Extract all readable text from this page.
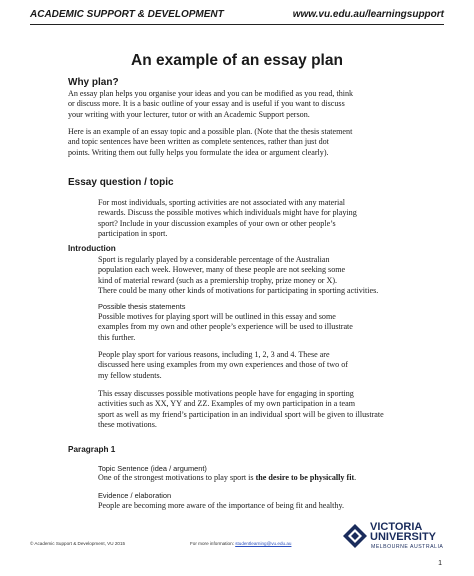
ACADEMIC SUPPORT & DEVELOPMENT	www.vu.edu.au/learningsupport
An example of an essay plan
Why plan?
An essay plan helps you organise your ideas and you can be modified as you read, think
or discuss more. It is a basic outline of your essay and is useful if you want to discuss
your writing with your lecturer, tutor or with an Academic Support person.
Here is an example of an essay topic and a possible plan. (Note that the thesis statement
and topic sentences have been written as complete sentences, rather than just dot
points. Writing them out fully helps you formulate the idea or argument clearly).
Essay question / topic
For most individuals, sporting activities are not associated with any material
rewards. Discuss the possible motives which individuals might have for playing
sport? Include in your discussion examples of your own or other people’s
participation in sport.
Introduction
Sport is regularly played by a considerable percentage of the Australian
population each week. However, many of these people are not seeking some
kind of material reward (such as a premiership trophy, prize money or X).
There could be many other kinds of motivations for participating in sporting activities.
Possible thesis statements
Possible motives for playing sport will be outlined in this essay and some
examples from my own and other people’s experience will be used to illustrate
this further.
People play sport for various reasons, including 1, 2, 3 and 4. These are
discussed here using examples from my own experiences and those of two of
my fellow students.
This essay discusses possible motivations people have for engaging in sporting
activities such as XX, YY and ZZ. Examples of my own participation in a team
sport as well as my friend’s participation in an individual sport will be given to illustrate
these motivations.
Paragraph 1
Topic Sentence (idea / argument)
One of the strongest motivations to play sport is the desire to be physically fit.
Evidence / elaboration
People are becoming more aware of the importance of being fit and healthy.
© Academic Support & Development, VU 2015	For more information: studentlearning@vu.edu.au
VICTORIA
UNIVERSITY
MELBOURNE AUSTRALIA
1
